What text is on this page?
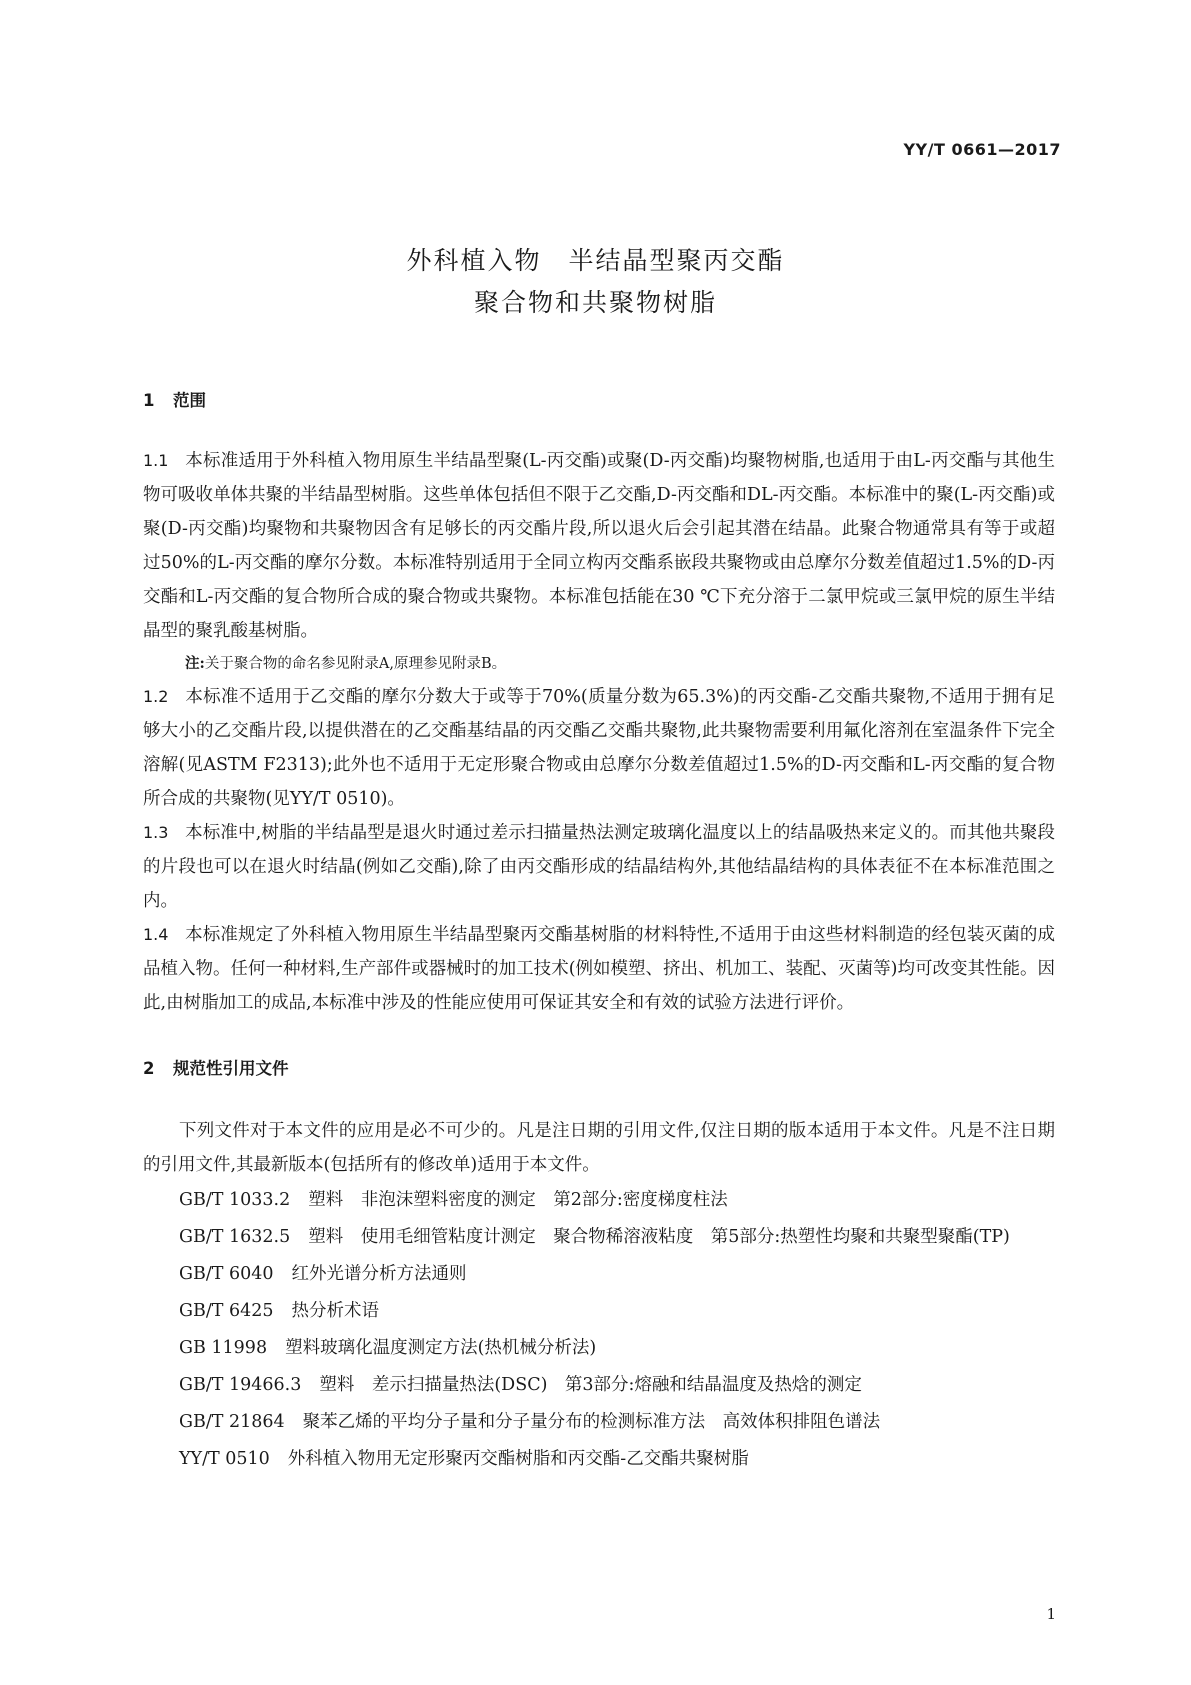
YY/T 0661—2017
外科植入物　半结晶型聚丙交酯
聚合物和共聚物树脂
1 范围

1.1 本标准适用于外科植入物用原生半结晶型聚(L-丙交酯)或聚(D-丙交酯)均聚物树脂,也适用于由L-丙交酯与其他生物可吸收单体共聚的半结晶型树脂。这些单体包括但不限于乙交酯,D-丙交酯和DL-丙交酯。本标准中的聚(L-丙交酯)或聚(D-丙交酯)均聚物和共聚物因含有足够长的丙交酯片段,所以退火后会引起其潜在结晶。此聚合物通常具有等于或超过50%的L-丙交酯的摩尔分数。本标准特别适用于全同立构丙交酯系嵌段共聚物或由总摩尔分数差值超过1.5%的D-丙交酯和L-丙交酯的复合物所合成的聚合物或共聚物。本标准包括能在30 ℃下充分溶于二氯甲烷或三氯甲烷的原生半结晶型的聚乳酸基树脂。

注:关于聚合物的命名参见附录A,原理参见附录B。

1.2 本标准不适用于乙交酯的摩尔分数大于或等于70%(质量分数为65.3%)的丙交酯-乙交酯共聚物,不适用于拥有足够大小的乙交酯片段,以提供潜在的乙交酯基结晶的丙交酯乙交酯共聚物,此共聚物需要利用氟化溶剂在室温条件下完全溶解(见ASTM F2313);此外也不适用于无定形聚合物或由总摩尔分数差值超过1.5%的D-丙交酯和L-丙交酯的复合物所合成的共聚物(见YY/T 0510)。

1.3 本标准中,树脂的半结晶型是退火时通过差示扫描量热法测定玻璃化温度以上的结晶吸热来定义的。而其他共聚段的片段也可以在退火时结晶(例如乙交酯),除了由丙交酯形成的结晶结构外,其他结晶结构的具体表征不在本标准范围之内。

1.4 本标准规定了外科植入物用原生半结晶型聚丙交酯基树脂的材料特性,不适用于由这些材料制造的经包装灭菌的成品植入物。任何一种材料,生产部件或器械时的加工技术(例如模塑、挤出、机加工、装配、灭菌等)均可改变其性能。因此,由树脂加工的成品,本标准中涉及的性能应使用可保证其安全和有效的试验方法进行评价。

2 规范性引用文件

下列文件对于本文件的应用是必不可少的。凡是注日期的引用文件,仅注日期的版本适用于本文件。凡是不注日期的引用文件,其最新版本(包括所有的修改单)适用于本文件。

GB/T 1033.2 塑料　非泡沫塑料密度的测定　第2部分:密度梯度柱法

GB/T 1632.5 塑料　使用毛细管粘度计测定　聚合物稀溶液粘度　第5部分:热塑性均聚和共聚型聚酯(TP)

GB/T 6040 红外光谱分析方法通则

GB/T 6425 热分析术语

GB 11998 塑料玻璃化温度测定方法(热机械分析法)

GB/T 19466.3 塑料　差示扫描量热法(DSC)　第3部分:熔融和结晶温度及热焓的测定

GB/T 21864 聚苯乙烯的平均分子量和分子量分布的检测标准方法　高效体积排阻色谱法

YY/T 0510 外科植入物用无定形聚丙交酯树脂和丙交酯-乙交酯共聚树脂

1
